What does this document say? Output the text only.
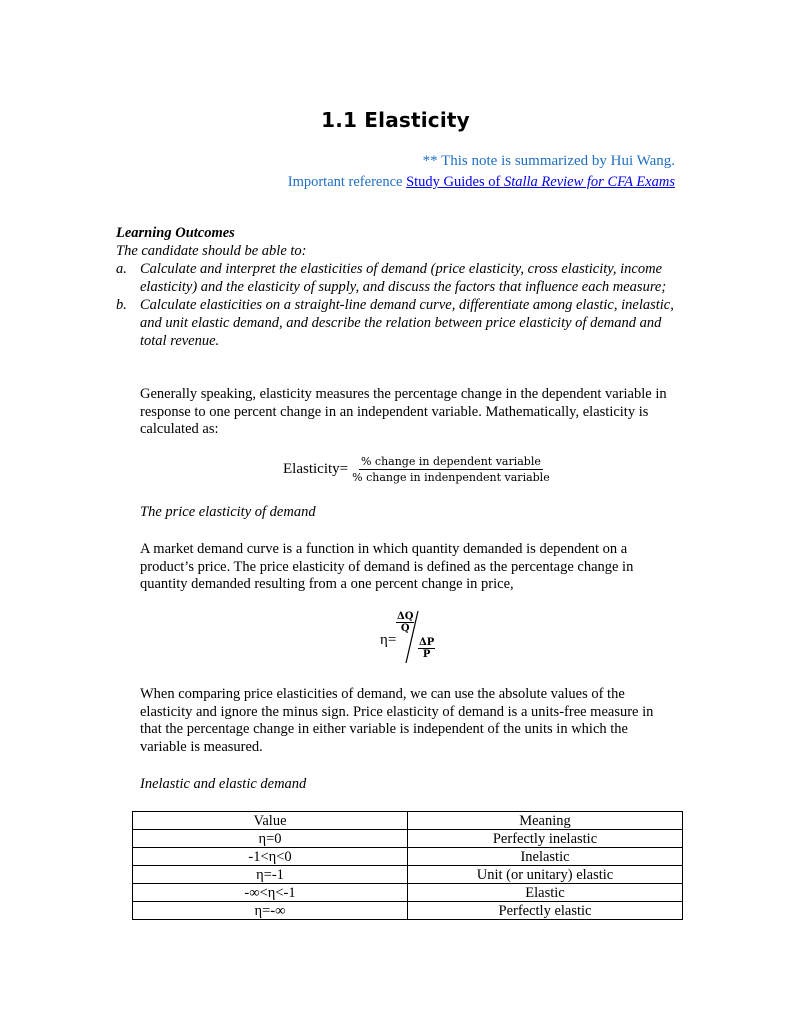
1.1 Elasticity
** This note is summarized by Hui Wang.
Important reference Study Guides of Stalla Review for CFA Exams
Learning Outcomes
The candidate should be able to:
a. Calculate and interpret the elasticities of demand (price elasticity, cross elasticity, income elasticity) and the elasticity of supply, and discuss the factors that influence each measure;
b. Calculate elasticities on a straight-line demand curve, differentiate among elastic, inelastic, and unit elastic demand, and describe the relation between price elasticity of demand and total revenue.
Generally speaking, elasticity measures the percentage change in the dependent variable in response to one percent change in an independent variable. Mathematically, elasticity is calculated as:
Elasticity= $\frac{\text{\% change in dependent variable}}{\text{\% change in indenpendent variable}}$
The price elasticity of demand
A market demand curve is a function in which quantity demanded is dependent on a product’s price. The price elasticity of demand is defined as the percentage change in quantity demanded resulting from a one percent change in price,
η=
$\frac{\Delta Q}{Q}$
$\frac{\Delta P}{P}$
When comparing price elasticities of demand, we can use the absolute values of the elasticity and ignore the minus sign. Price elasticity of demand is a units-free measure in that the percentage change in either variable is independent of the units in which the variable is measured.
Inelastic and elastic demand
Value	Meaning
η=0	Perfectly inelastic
-1<η<0	Inelastic
η=-1	Unit (or unitary) elastic
-∞<η<-1	Elastic
η=-∞	Perfectly elastic
